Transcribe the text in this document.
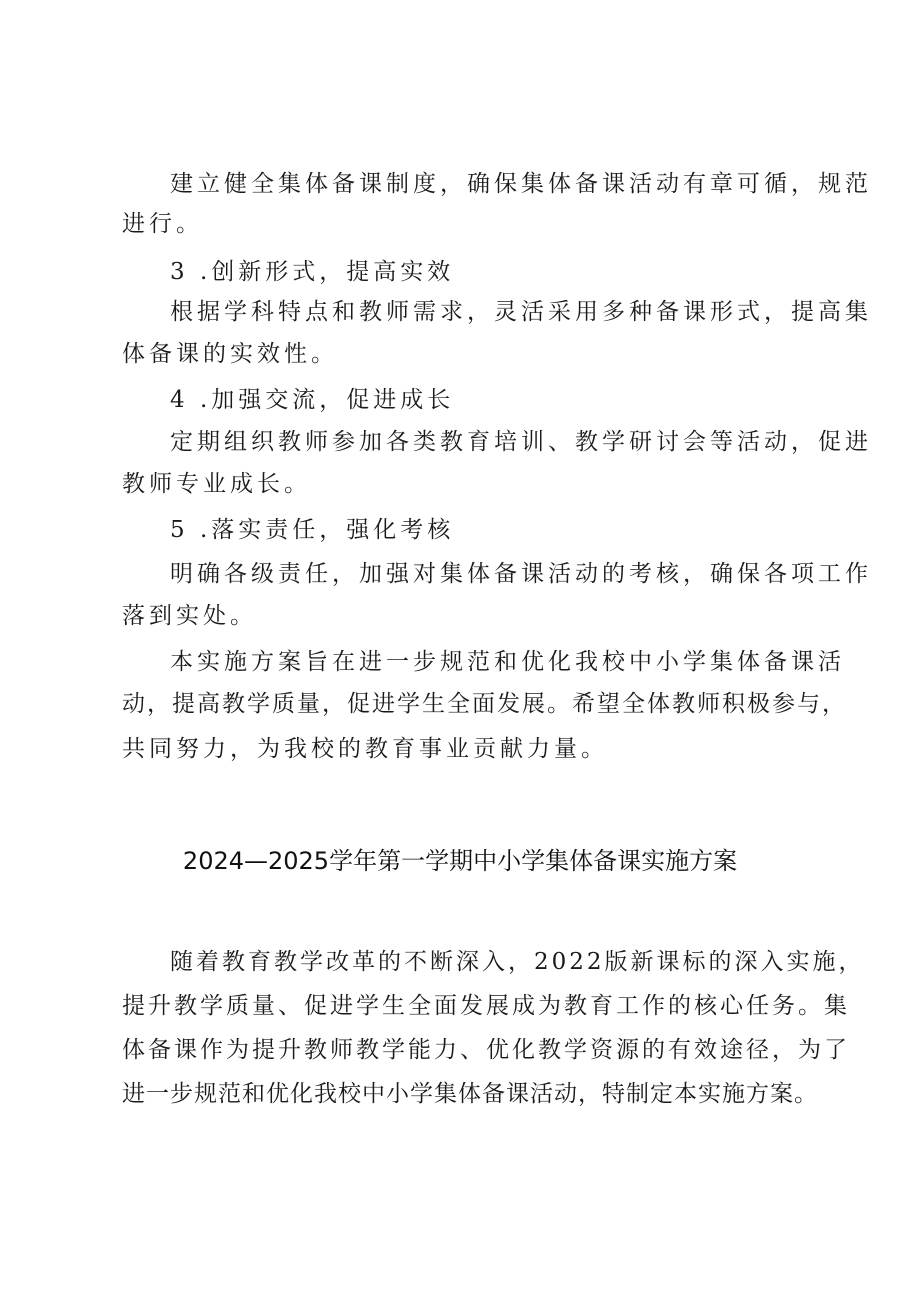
建立健全集体备课制度，确保集体备课活动有章可循，规范
进行。
3 .创新形式，提高实效
根据学科特点和教师需求，灵活采用多种备课形式，提高集
体备课的实效性。
4 .加强交流，促进成长
定期组织教师参加各类教育培训、教学研讨会等活动，促进
教师专业成长。
5 .落实责任，强化考核
明确各级责任，加强对集体备课活动的考核，确保各项工作
落到实处。
本实施方案旨在进一步规范和优化我校中小学集体备课活
动，提高教学质量，促进学生全面发展。希望全体教师积极参与，
共同努力，为我校的教育事业贡献力量。
2024—2025学年第一学期中小学集体备课实施方案
随着教育教学改革的不断深入，2022版新课标的深入实施，
提升教学质量、促进学生全面发展成为教育工作的核心任务。集
体备课作为提升教师教学能力、优化教学资源的有效途径，为了
进一步规范和优化我校中小学集体备课活动，特制定本实施方案。
